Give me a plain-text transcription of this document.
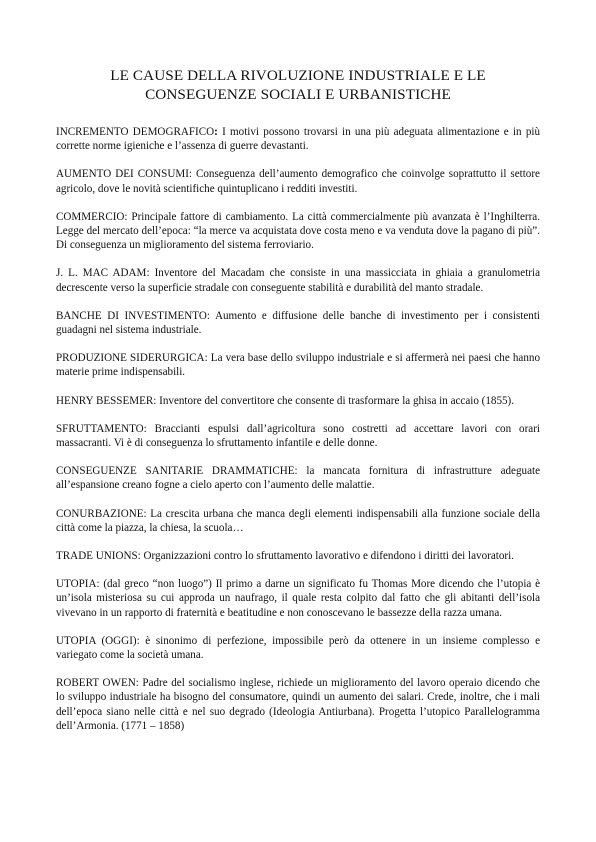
LE CAUSE DELLA RIVOLUZIONE INDUSTRIALE E LE
CONSEGUENZE SOCIALI E URBANISTICHE

INCREMENTO DEMOGRAFICO: I motivi possono trovarsi in una più adeguata alimentazione e in più corrette norme igieniche e l’assenza di guerre devastanti.

AUMENTO DEI CONSUMI: Conseguenza dell’aumento demografico che coinvolge soprattutto il settore agricolo, dove le novità scientifiche quintuplicano i redditi investiti.

COMMERCIO: Principale fattore di cambiamento. La città commercialmente più avanzata è l’Inghilterra. Legge del mercato dell’epoca: “la merce va acquistata dove costa meno e va venduta dove la pagano di più”. Di conseguenza un miglioramento del sistema ferroviario.

J. L. MAC ADAM: Inventore del Macadam che consiste in una massicciata in ghiaia a granulometria decrescente verso la superficie stradale con conseguente stabilità e durabilità del manto stradale.

BANCHE DI INVESTIMENTO: Aumento e diffusione delle banche di investimento per i consistenti guadagni nel sistema industriale.

PRODUZIONE SIDERURGICA: La vera base dello sviluppo industriale e si affermerà nei paesi che hanno materie prime indispensabili.

HENRY BESSEMER: Inventore del convertitore che consente di trasformare la ghisa in accaio (1855).

SFRUTTAMENTO: Braccianti espulsi dall’agricoltura sono costretti ad accettare lavori con orari massacranti. Vi è di conseguenza lo sfruttamento infantile e delle donne.

CONSEGUENZE SANITARIE DRAMMATICHE: la mancata fornitura di infrastrutture adeguate all’espansione creano fogne a cielo aperto con l’aumento delle malattie.

CONURBAZIONE: La crescita urbana che manca degli elementi indispensabili alla funzione sociale della città come la piazza, la chiesa, la scuola…

TRADE UNIONS: Organizzazioni contro lo sfruttamento lavorativo e difendono i diritti dei lavoratori.

UTOPIA: (dal greco “non luogo”) Il primo a darne un significato fu Thomas More dicendo che l’utopia è un’isola misteriosa su cui approda un naufrago, il quale resta colpito dal fatto che gli abitanti dell’isola vivevano in un rapporto di fraternità e beatitudine e non conoscevano le bassezze della razza umana.

UTOPIA (OGGI): è sinonimo di perfezione, impossibile però da ottenere in un insieme complesso e variegato come la società umana.

ROBERT OWEN: Padre del socialismo inglese, richiede un miglioramento del lavoro operaio dicendo che lo sviluppo industriale ha bisogno del consumatore, quindi un aumento dei salari. Crede, inoltre, che i mali dell’epoca siano nelle città e nel suo degrado (Ideologia Antiurbana). Progetta l’utopico Parallelogramma dell’Armonia. (1771 – 1858)
